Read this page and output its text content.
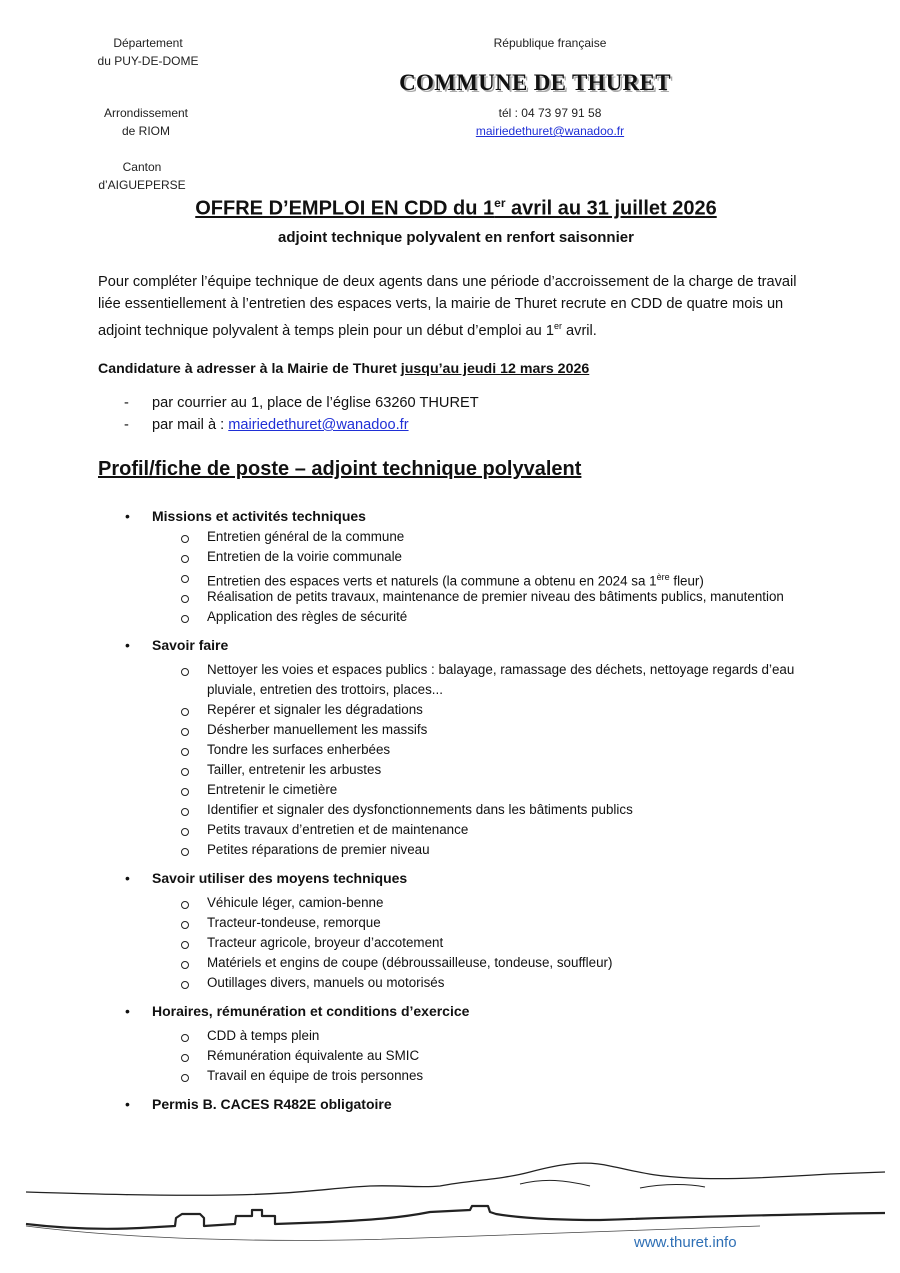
Département
du PUY-DE-DOME
Arrondissement
de RIOM
Canton
d’AIGUEPERSE
République française
COMMUNE DE THURET
tél : 04 73 97 91 58
mairiedethuret@wanadoo.fr
OFFRE D’EMPLOI EN CDD du 1er avril au 31 juillet 2026
adjoint technique polyvalent en renfort saisonnier
Pour compléter l’équipe technique de deux agents dans une période d’accroissement de la charge de travail liée essentiellement à l’entretien des espaces verts, la mairie de Thuret recrute en CDD de quatre mois un adjoint technique polyvalent à temps plein pour un début d’emploi au 1er avril.
Candidature à adresser à la Mairie de Thuret jusqu’au jeudi 12 mars 2026
- par courrier au 1, place de l’église 63260 THURET
- par mail à : mairiedethuret@wanadoo.fr
Profil/fiche de poste – adjoint technique polyvalent
• Missions et activités techniques
Entretien général de la commune
Entretien de la voirie communale
Entretien des espaces verts et naturels (la commune a obtenu en 2024 sa 1ère fleur)
Réalisation de petits travaux, maintenance de premier niveau des bâtiments publics, manutention
Application des règles de sécurité
• Savoir faire
Nettoyer les voies et espaces publics : balayage, ramassage des déchets, nettoyage regards d’eau
pluviale, entretien des trottoirs, places...
Repérer et signaler les dégradations
Désherber manuellement les massifs
Tondre les surfaces enherbées
Tailler, entretenir les arbustes
Entretenir le cimetière
Identifier et signaler des dysfonctionnements dans les bâtiments publics
Petits travaux d’entretien et de maintenance
Petites réparations de premier niveau
• Savoir utiliser des moyens techniques
Véhicule léger, camion-benne
Tracteur-tondeuse, remorque
Tracteur agricole, broyeur d’accotement
Matériels et engins de coupe (débroussailleuse, tondeuse, souffleur)
Outillages divers, manuels ou motorisés
• Horaires, rémunération et conditions d’exercice
CDD à temps plein
Rémunération équivalente au SMIC
Travail en équipe de trois personnes
• Permis B. CACES R482E obligatoire
www.thuret.info
